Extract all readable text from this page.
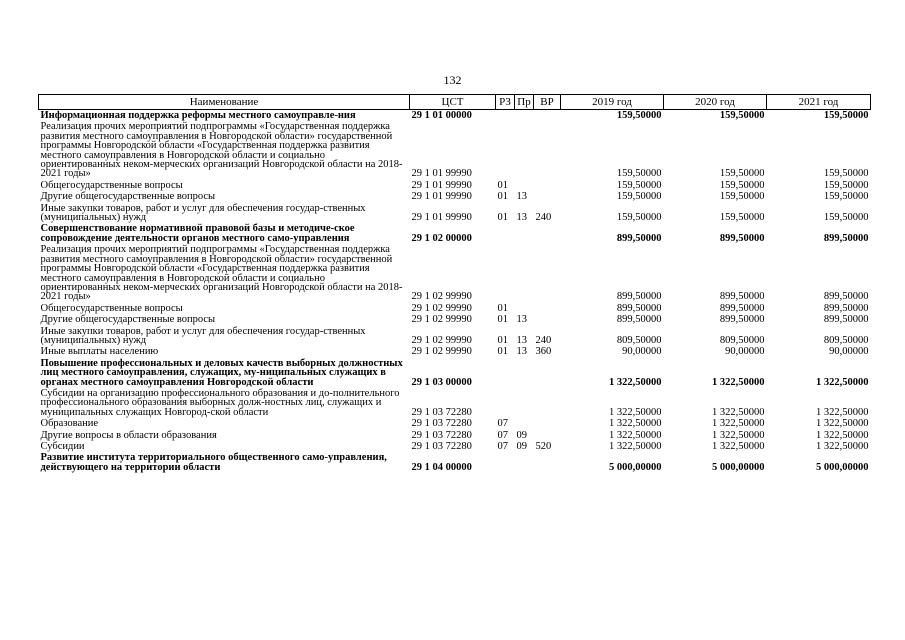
132
Наименование	ЦСТ	РЗ	Пр	ВР	2019 год	2020 год	2021 год
Информационная поддержка реформы местного самоуправле-ния	29 1 01 00000				159,50000	159,50000	159,50000
Реализация прочих мероприятий подпрограммы «Государственная поддержка развития местного самоуправления в Новгородской области» государственной программы Новгородской области «Государственная поддержка развития местного самоуправления в Новгородской области и социально ориентированных неком-мерческих организаций Новгородской области на 2018-2021 годы»	29 1 01 99990				159,50000	159,50000	159,50000
Общегосударственные вопросы	29 1 01 99990	01			159,50000	159,50000	159,50000
Другие общегосударственные вопросы	29 1 01 99990	01	13		159,50000	159,50000	159,50000
Иные закупки товаров, работ и услуг для обеспечения государ-ственных (муниципальных) нужд	29 1 01 99990	01	13	240	159,50000	159,50000	159,50000
Совершенствование нормативной правовой базы и методиче-ское сопровождение деятельности органов местного само-управления	29 1 02 00000				899,50000	899,50000	899,50000
Реализация прочих мероприятий подпрограммы «Государственная поддержка развития местного самоуправления в Новгородской области» государственной программы Новгородской области «Государственная поддержка развития местного самоуправления в Новгородской области и социально ориентированных неком-мерческих организаций Новгородской области на 2018-2021 годы»	29 1 02 99990				899,50000	899,50000	899,50000
Общегосударственные вопросы	29 1 02 99990	01			899,50000	899,50000	899,50000
Другие общегосударственные вопросы	29 1 02 99990	01	13		899,50000	899,50000	899,50000
Иные закупки товаров, работ и услуг для обеспечения государ-ственных (муниципальных) нужд	29 1 02 99990	01	13	240	809,50000	809,50000	809,50000
Иные выплаты населению	29 1 02 99990	01	13	360	90,00000	90,00000	90,00000
Повышение профессиональных и деловых качеств выборных должностных лиц местного самоуправления, служащих, му-ниципальных служащих в органах местного самоуправления Новгородской области	29 1 03 00000				1 322,50000	1 322,50000	1 322,50000
Субсидии на организацию профессионального образования и до-полнительного профессионального образования выборных долж-ностных лиц, служащих и муниципальных служащих Новгород-ской области	29 1 03 72280				1 322,50000	1 322,50000	1 322,50000
Образование	29 1 03 72280	07			1 322,50000	1 322,50000	1 322,50000
Другие вопросы в области образования	29 1 03 72280	07	09		1 322,50000	1 322,50000	1 322,50000
Субсидии	29 1 03 72280	07	09	520	1 322,50000	1 322,50000	1 322,50000
Развитие института территориального общественного само-управления, действующего на территории области	29 1 04 00000				5 000,00000	5 000,00000	5 000,00000
